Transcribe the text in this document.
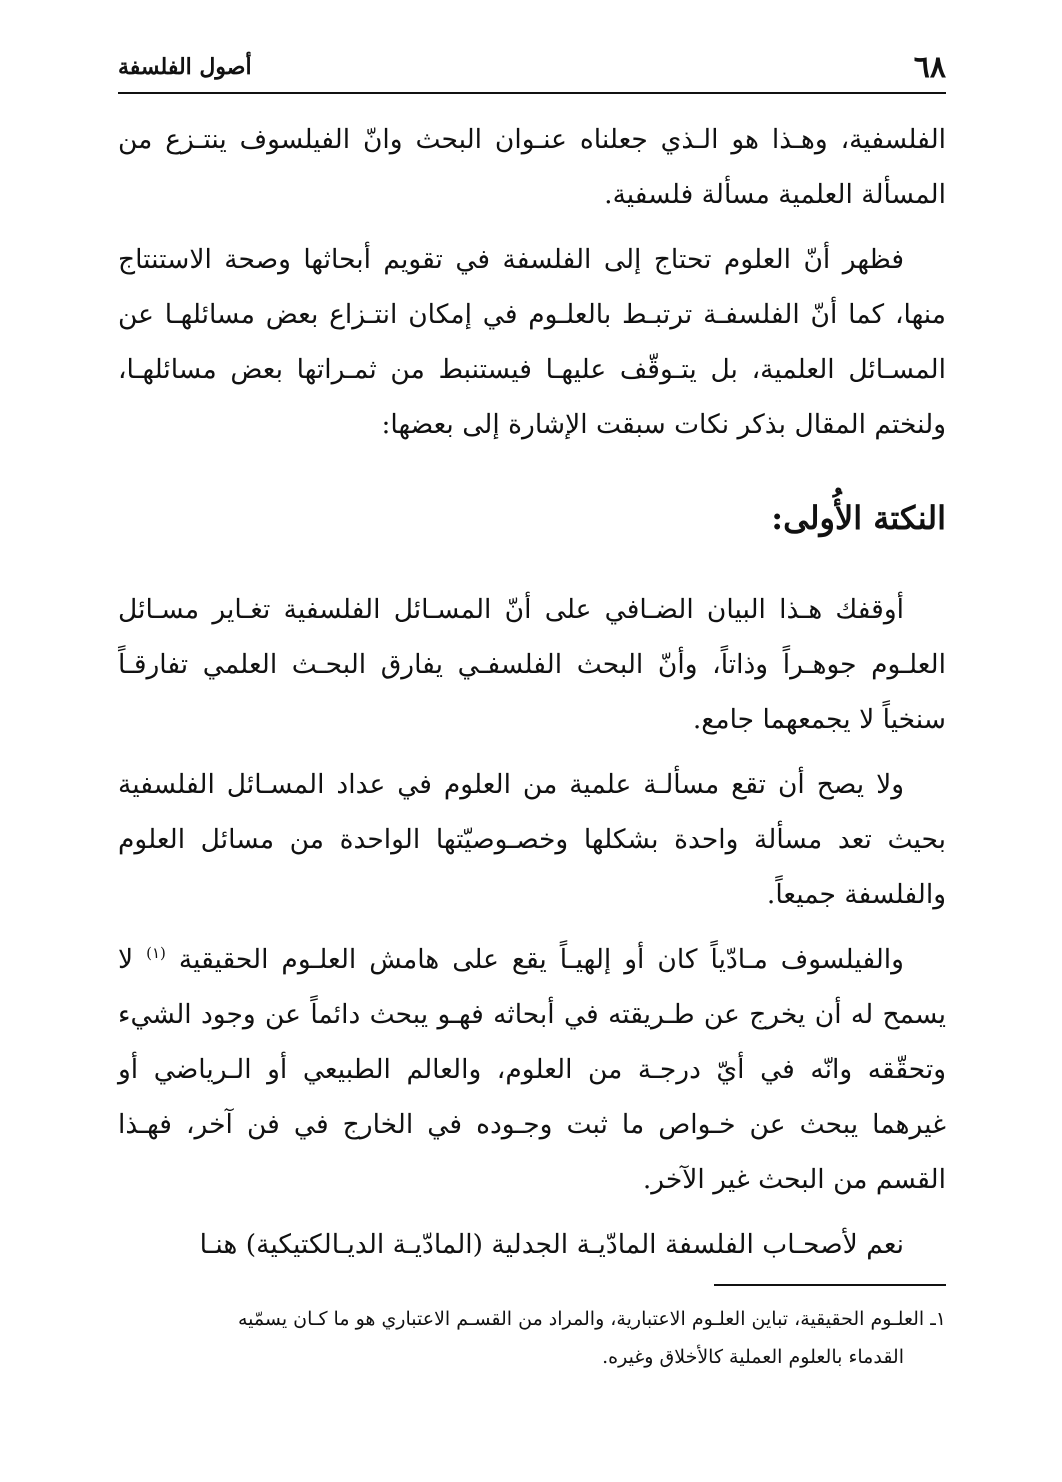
٦٨
أصول الفلسفة

الفلسفية، وهـذا هو الـذي جعلناه عنـوان البحث وانّ الفيلسوف ينتـزع من المسألة العلمية مسألة فلسفية.

فظهر أنّ العلوم تحتاج إلى الفلسفة في تقويم أبحاثها وصحة الاستنتاج منها، كما أنّ الفلسفـة ترتبـط بالعلـوم في إمكان انتـزاع بعض مسائلهـا عن المسـائل العلمية، بل يتـوقّف عليهـا فيستنبط من ثمـراتها بعض مسائلهـا، ولنختم المقال بذكر نكات سبقت الإشارة إلى بعضها:

النكتة الأُولى:

أوقفك هـذا البيان الضـافي على أنّ المسـائل الفلسفية تغـاير مسـائل العلـوم جوهـراً وذاتاً، وأنّ البحث الفلسفـي يفارق البحـث العلمي تفارقـاً سنخياً لا يجمعهما جامع.

ولا يصح أن تقع مسألـة علمية من العلوم في عداد المسـائل الفلسفية بحيث تعد مسألة واحدة بشكلها وخصـوصيّتها الواحدة من مسائل العلوم والفلسفة جميعاً.

والفيلسوف مـادّياً كان أو إلهيـاً يقع على هامش العلـوم الحقيقية $^{(١)}$ لا يسمح له أن يخرج عن طـريقته في أبحاثه فهـو يبحث دائماً عن وجود الشيء وتحقّقه وانّه في أيّ درجـة من العلوم، والعالم الطبيعي أو الـرياضي أو غيرهما يبحث عن خـواص ما ثبت وجـوده في الخارج في فن آخر، فهـذا القسم من البحث غير الآخر.

نعم لأصحـاب الفلسفة المادّيـة الجدلية (المادّيـة الديـالكتيكية) هنـا

١ـ العلـوم الحقيقية، تباين العلـوم الاعتبارية، والمراد من القسـم الاعتباري هو ما كـان يسمّيه
القدماء بالعلوم العملية كالأخلاق وغيره.
